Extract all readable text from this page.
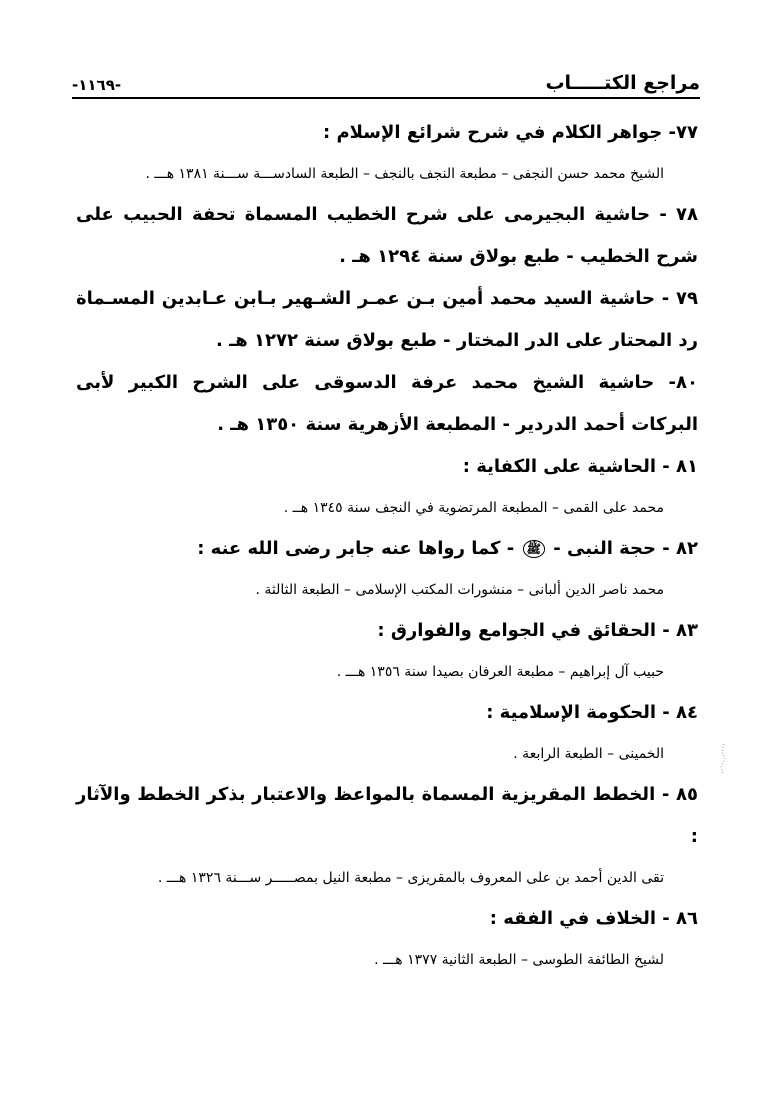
مراجع الكتـــــاب
-١١٦٩-
٧٧- جواهر الكلام في شرح شرائع الإسلام :
الشيخ محمد حسن النجفى – مطبعة النجف بالنجف – الطبعة السادســـة ســـنة ١٣٨١ هـــ .
٧٨ - حاشية البجيرمى على شرح الخطيب المسماة تحفة الحبيب على شرح الخطيب - طبع بولاق سنة ١٢٩٤ هـ .
٧٩ - حاشية السيد محمد أمين بـن عمـر الشـهير بـابن عـابدين المسـماة رد المحتار على الدر المختار - طبع بولاق سنة ١٢٧٢ هـ .
٨٠- حاشية الشيخ محمد عرفة الدسوقى على الشرح الكبير لأبى البركات أحمد الدردير - المطبعة الأزهرية سنة ١٣٥٠ هـ .
٨١ - الحاشية على الكفاية :
محمد على القمى – المطبعة المرتضوية في النجف سنة ١٣٤٥ هــ .
٨٢ - حجة النبى - ﷺ - كما رواها عنه جابر رضى الله عنه :
محمد ناصر الدين ألبانى – منشورات المكتب الإسلامى – الطبعة الثالثة .
٨٣ - الحقائق في الجوامع والفوارق :
حبيب آل إبراهيم – مطبعة العرفان بصيدا سنة ١٣٥٦ هـــ .
٨٤ - الحكومة الإسلامية :
الخمينى – الطبعة الرابعة .
٨٥ - الخطط المقريزية المسماة بالمواعظ والاعتبار بذكر الخطط والآثار :
تقى الدين أحمد بن على المعروف بالمقريزى – مطبعة النيل بمصـــــر ســـنة ١٣٢٦ هـــ .
٨٦ - الخلاف في الفقه :
لشيخ الطائفة الطوسى – الطبعة الثانية ١٣٧٧ هـــ .
